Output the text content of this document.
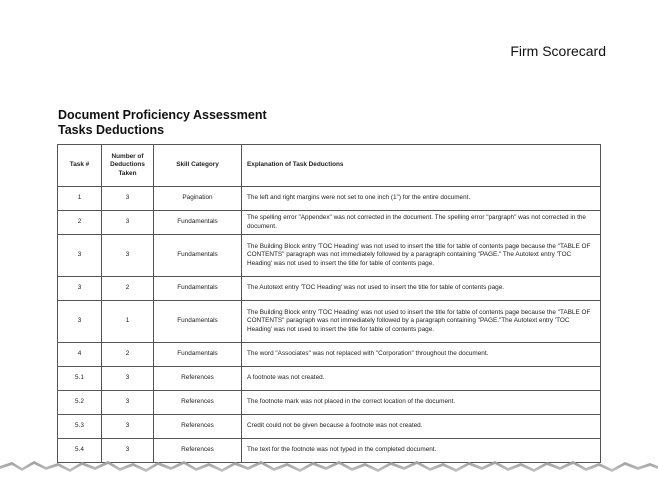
Firm Scorecard
Document Proficiency Assessment
Tasks Deductions
Task #	Number of Deductions Taken	Skill Category	Explanation of Task Deductions
1	3	Pagination	The left and right margins were not set to one inch (1") for the entire document.
2	3	Fundamentals	The spelling error "Appendex" was not corrected in the document. The spelling error "pargraph" was not corrected in the document.
3	3	Fundamentals	The Building Block entry 'TOC Heading' was not used to insert the title for table of contents page because the "TABLE OF CONTENTS" paragraph was not immediately followed by a paragraph containing "PAGE." The Autotext entry 'TOC Heading' was not used to insert the title for table of contents page.
3	2	Fundamentals	The Autotext entry 'TOC Heading' was not used to insert the title for table of contents page.
3	1	Fundamentals	The Building Block entry 'TOC Heading' was not used to insert the title for table of contents page because the "TABLE OF CONTENTS" paragraph was not immediately followed by a paragraph containing "PAGE."The Autotext entry 'TOC Heading' was not used to insert the title for table of contents page.
4	2	Fundamentals	The word "Associates" was not replaced with "Corporation" throughout the document.
5.1	3	References	A footnote was not created.
5.2	3	References	The footnote mark was not placed in the correct location of the document.
5.3	3	References	Credit could not be given because a footnote was not created.
5.4	3	References	The text for the footnote was not typed in the completed document.
